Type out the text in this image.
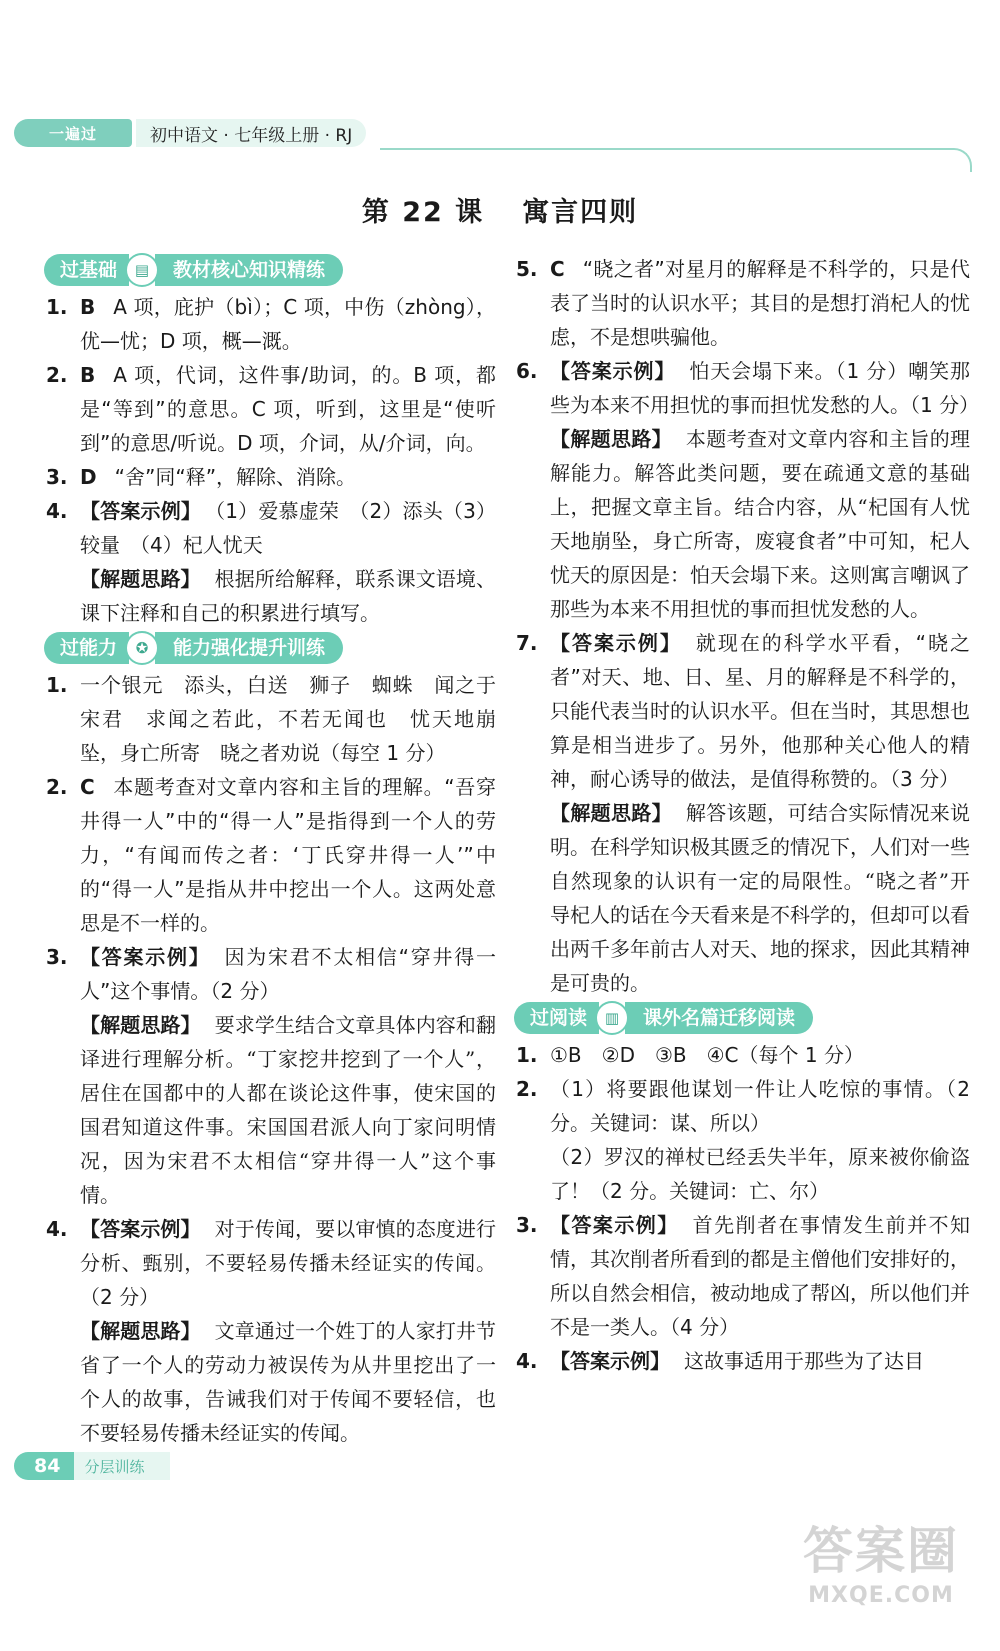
一遍过	初中语文 · 七年级上册 · RJ
第 22 课 寓言四则
过基础	▤	教材核心知识精练
1. B A 项，庇护（bì）；C 项，中伤（zhòng），优—忧；D 项，概—溉。
2. B A 项，代词，这件事/助词，的。B 项，都是“等到”的意思。C 项，听到，这里是“使听到”的意思/听说。D 项，介词，从/介词，向。
3. D “舍”同“释”，解除、消除。
4. 【答案示例】 （1）爱慕虚荣　（2）添头（3）较量　（4）杞人忧天
【解题思路】 根据所给解释，联系课文语境、课下注释和自己的积累进行填写。
过能力	✪	能力强化提升训练
1. 一个银元　添头，白送　狮子　蜘蛛　闻之于宋君　求闻之若此，不若无闻也　忧天地崩坠，身亡所寄　晓之者劝说（每空 1 分）
2. C 本题考查对文章内容和主旨的理解。“吾穿井得一人”中的“得一人”是指得到一个人的劳力，“有闻而传之者：‘丁氏穿井得一人’”中的“得一人”是指从井中挖出一个人。这两处意思是不一样的。
3. 【答案示例】 因为宋君不太相信“穿井得一人”这个事情。（2 分）
【解题思路】 要求学生结合文章具体内容和翻译进行理解分析。“丁家挖井挖到了一个人”，居住在国都中的人都在谈论这件事，使宋国的国君知道这件事。宋国国君派人向丁家问明情况，因为宋君不太相信“穿井得一人”这个事情。
4. 【答案示例】 对于传闻，要以审慎的态度进行分析、甄别，不要轻易传播未经证实的传闻。（2 分）
【解题思路】 文章通过一个姓丁的人家打井节省了一个人的劳动力被误传为从井里挖出了一个人的故事，告诫我们对于传闻不要轻信，也不要轻易传播未经证实的传闻。
5. C “晓之者”对星月的解释是不科学的，只是代表了当时的认识水平；其目的是想打消杞人的忧虑，不是想哄骗他。
6. 【答案示例】 怕天会塌下来。（1 分）嘲笑那些为本来不用担忧的事而担忧发愁的人。（1 分）
【解题思路】 本题考查对文章内容和主旨的理解能力。解答此类问题，要在疏通文意的基础上，把握文章主旨。结合内容，从“杞国有人忧天地崩坠，身亡所寄，废寝食者”中可知，杞人忧天的原因是：怕天会塌下来。这则寓言嘲讽了那些为本来不用担忧的事而担忧发愁的人。
7. 【答案示例】 就现在的科学水平看，“晓之者”对天、地、日、星、月的解释是不科学的，只能代表当时的认识水平。但在当时，其思想也算是相当进步了。另外，他那种关心他人的精神，耐心诱导的做法，是值得称赞的。（3 分）
【解题思路】 解答该题，可结合实际情况来说明。在科学知识极其匮乏的情况下，人们对一些自然现象的认识有一定的局限性。“晓之者”开导杞人的话在今天看来是不科学的，但却可以看出两千多年前古人对天、地的探求，因此其精神是可贵的。
过阅读	▥	课外名篇迁移阅读
1. ①B　②D　③B　④C（每个 1 分）
2. （1）将要跟他谋划一件让人吃惊的事情。（2 分。关键词：谋、所以）
（2）罗汉的禅杖已经丢失半年，原来被你偷盗了！（2 分。关键词：亡、尔）
3. 【答案示例】 首先削者在事情发生前并不知情，其次削者所看到的都是主僧他们安排好的，所以自然会相信，被动地成了帮凶，所以他们并不是一类人。（4 分）
4. 【答案示例】 这故事适用于那些为了达目
84	分层训练
答案圈
MXQE.COM
